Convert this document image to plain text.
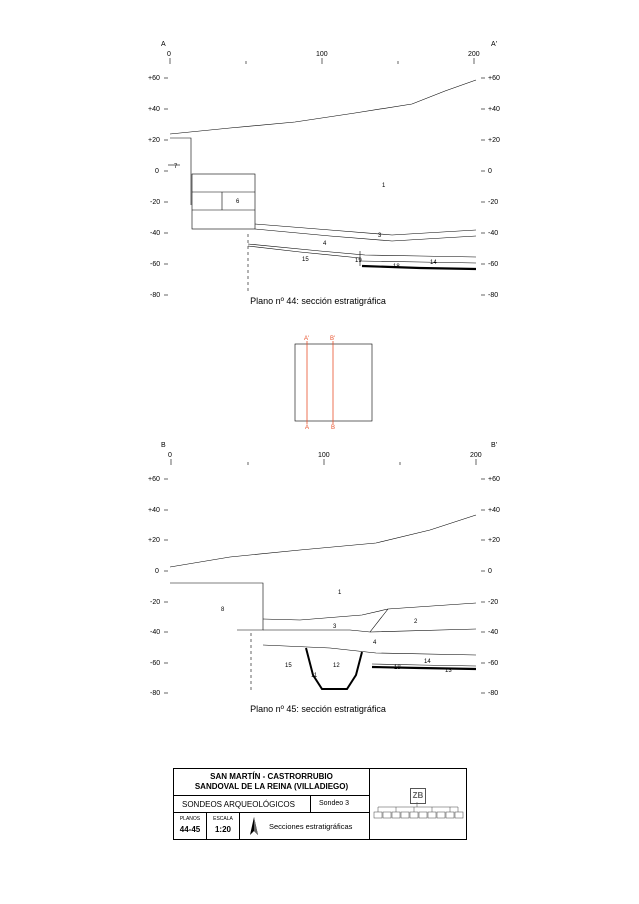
A	A'
0	100	200
+60
+40
+20
0
-20
-40
-60
-80
+60
+40
+20
0
-20
-40
-60
-80
7
6
1
3
4
15	19
18
14
Plano nº 44: sección estratigráfica
A'	B'
A	B
B	B'
0	100	200
+60
+40
+20
0
-20
-40
-60
-80
+60
+40
+20
0
-20
-40
-60
-80
8
1
2
3
4
15	12
11
18
14
13
Plano nº 45: sección estratigráfica
SAN MARTÍN - CASTRORRUBIO
SANDOVAL DE LA REINA (VILLADIEGO)
SONDEOS ARQUEOLÓGICOS	Sondeo 3
PLANOS
44-45
ESCALA
1:20	Secciones estratigráficas
ZB
